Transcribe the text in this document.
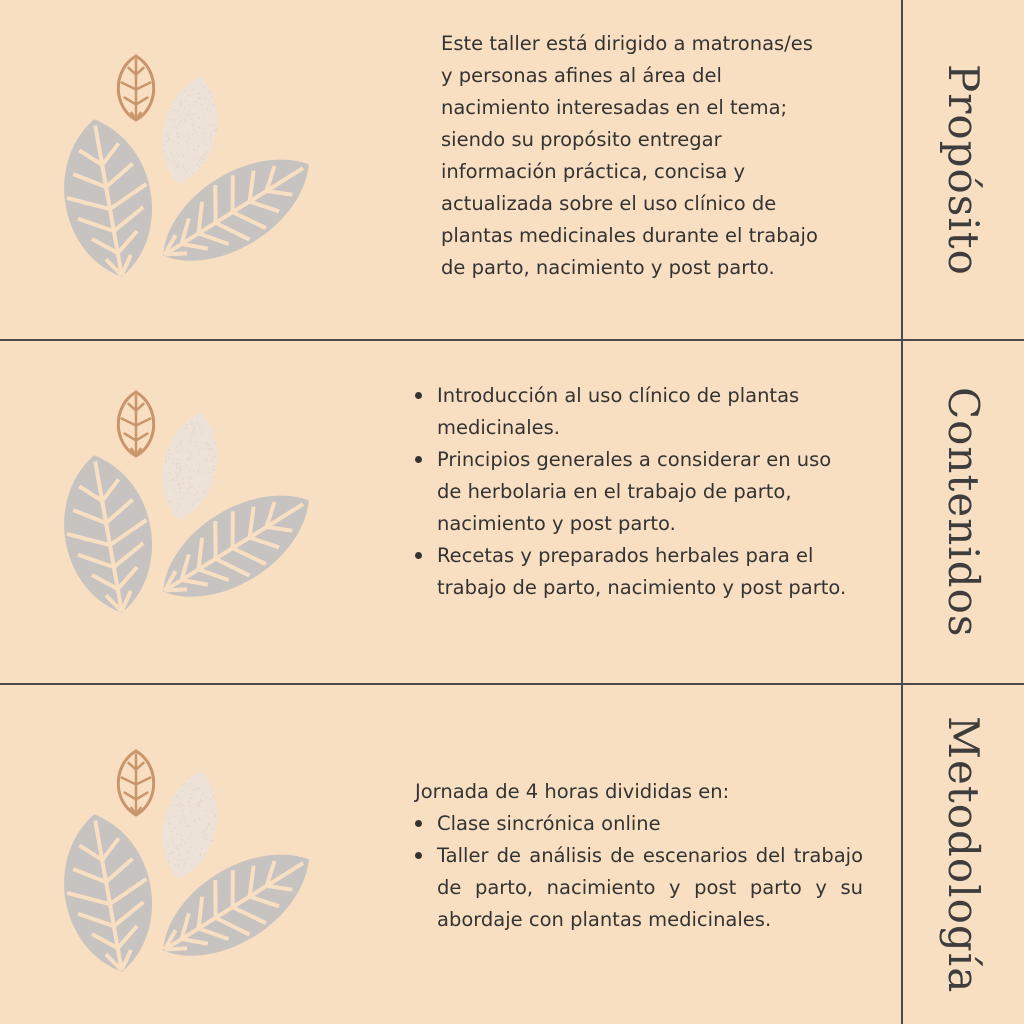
Este taller está dirigido a matronas/es y personas afines al área del nacimiento interesadas en el tema; siendo su propósito entregar información práctica, concisa y actualizada sobre el uso clínico de plantas medicinales durante el trabajo de parto, nacimiento y post parto.	Propósito
Introducción al uso clínico de plantas medicinales.
Principios generales a considerar en uso de herbolaria en el trabajo de parto, nacimiento y post parto.
Recetas y preparados herbales para el trabajo de parto, nacimiento y post parto.	Contenidos
Jornada de 4 horas divididas en:
Clase sincrónica online
Taller de análisis de escenarios del trabajo de parto, nacimiento y post parto y su abordaje con plantas medicinales.	Metodología
